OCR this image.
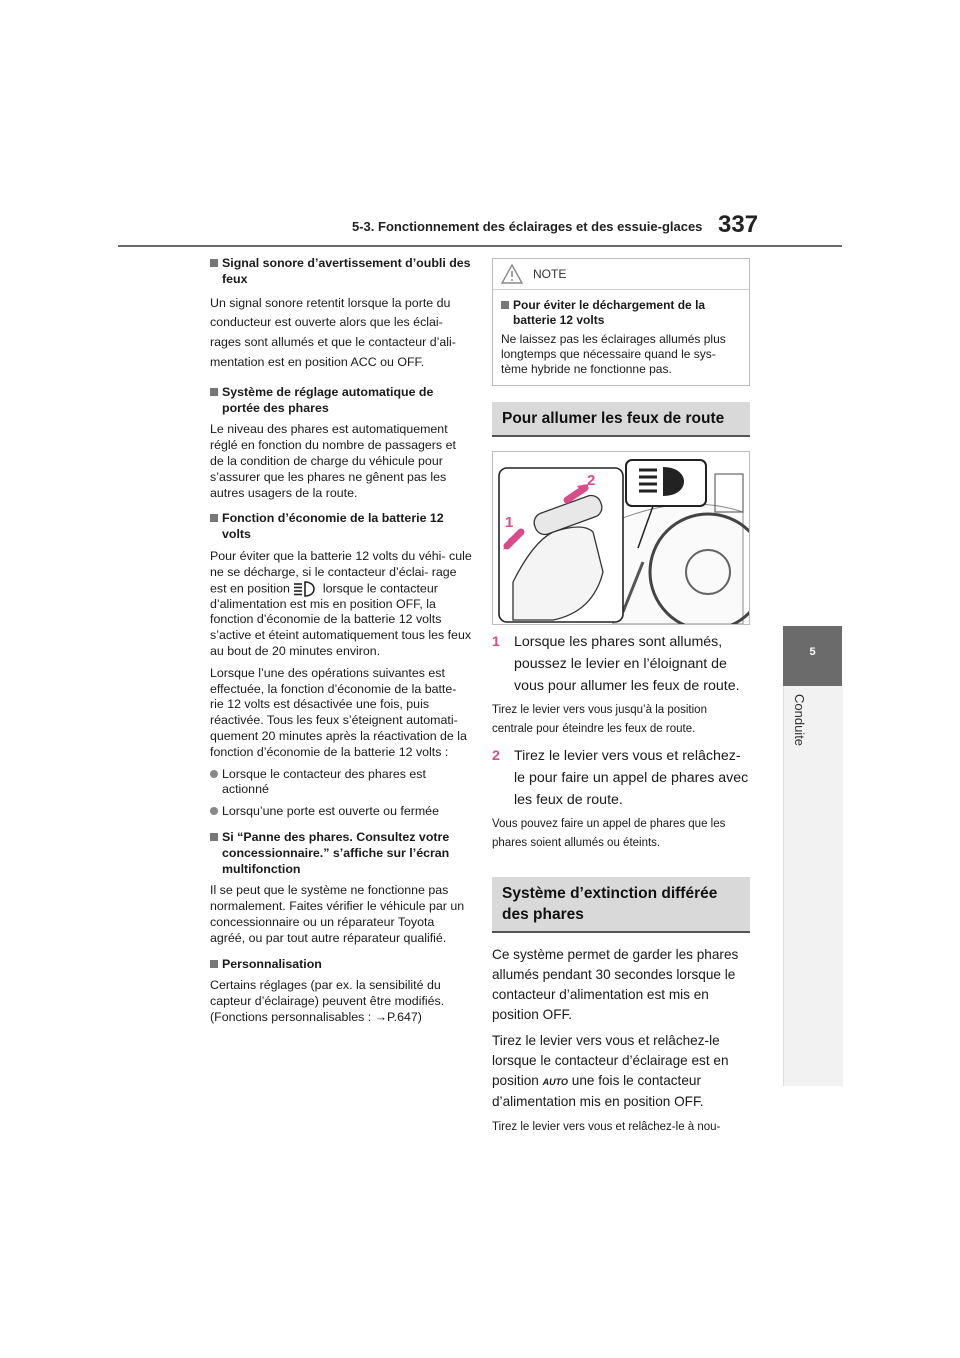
5-3. Fonctionnement des éclairages et des essuie-glaces 337
5
Conduite

Signal sonore d’avertissement d’oubli des feux

Un signal sonore retentit lorsque la porte du conducteur est ouverte alors que les éclai- rages sont allumés et que le contacteur d’ali- mentation est en position ACC ou OFF.

Système de réglage automatique de portée des phares

Le niveau des phares est automatiquement réglé en fonction du nombre de passagers et de la condition de charge du véhicule pour s’assurer que les phares ne gênent pas les autres usagers de la route.

Fonction d’économie de la batterie 12 volts

Pour éviter que la batterie 12 volts du véhi- cule ne se décharge, si le contacteur d’éclai- rage est en position	lorsque le contacteur d’alimentation est mis en position OFF, la fonction d’économie de la batterie 12 volts s’active et éteint automatiquement tous les feux au bout de 20 minutes environ.

Lorsque l’une des opérations suivantes est effectuée, la fonction d’économie de la batte- rie 12 volts est désactivée une fois, puis réactivée. Tous les feux s’éteignent automati- quement 20 minutes après la réactivation de la fonction d’économie de la batterie 12 volts :

Lorsque le contacteur des phares est actionné

Lorsqu’une porte est ouverte ou fermée

Si “Panne des phares. Consultez votre concessionnaire.” s’affiche sur l’écran multifonction

Il se peut que le système ne fonctionne pas normalement. Faites vérifier le véhicule par un concessionnaire ou un réparateur Toyota agréé, ou par tout autre réparateur qualifié.

Personnalisation

Certains réglages (par ex. la sensibilité du capteur d’éclairage) peuvent être modifiés. (Fonctions personnalisables : →P.647)

NOTE
Pour éviter le déchargement de la batterie 12 volts
Ne laissez pas les éclairages allumés plus longtemps que nécessaire quand le sys- tème hybride ne fonctionne pas.
Pour allumer les feux de route
1
2
1 Lorsque les phares sont allumés, poussez le levier en l’éloignant de vous pour allumer les feux de route.
Tirez le levier vers vous jusqu’à la position centrale pour éteindre les feux de route.
2 Tirez le levier vers vous et relâchez- le pour faire un appel de phares avec les feux de route.
Vous pouvez faire un appel de phares que les phares soient allumés ou éteints.
Système d’extinction différée des phares

Ce système permet de garder les phares allumés pendant 30 secondes lorsque le contacteur d’alimentation est mis en position OFF.

Tirez le levier vers vous et relâchez-le lorsque le contacteur d’éclairage est en position AUTO une fois le contacteur d’alimentation mis en position OFF.

Tirez le levier vers vous et relâchez-le à nou-
